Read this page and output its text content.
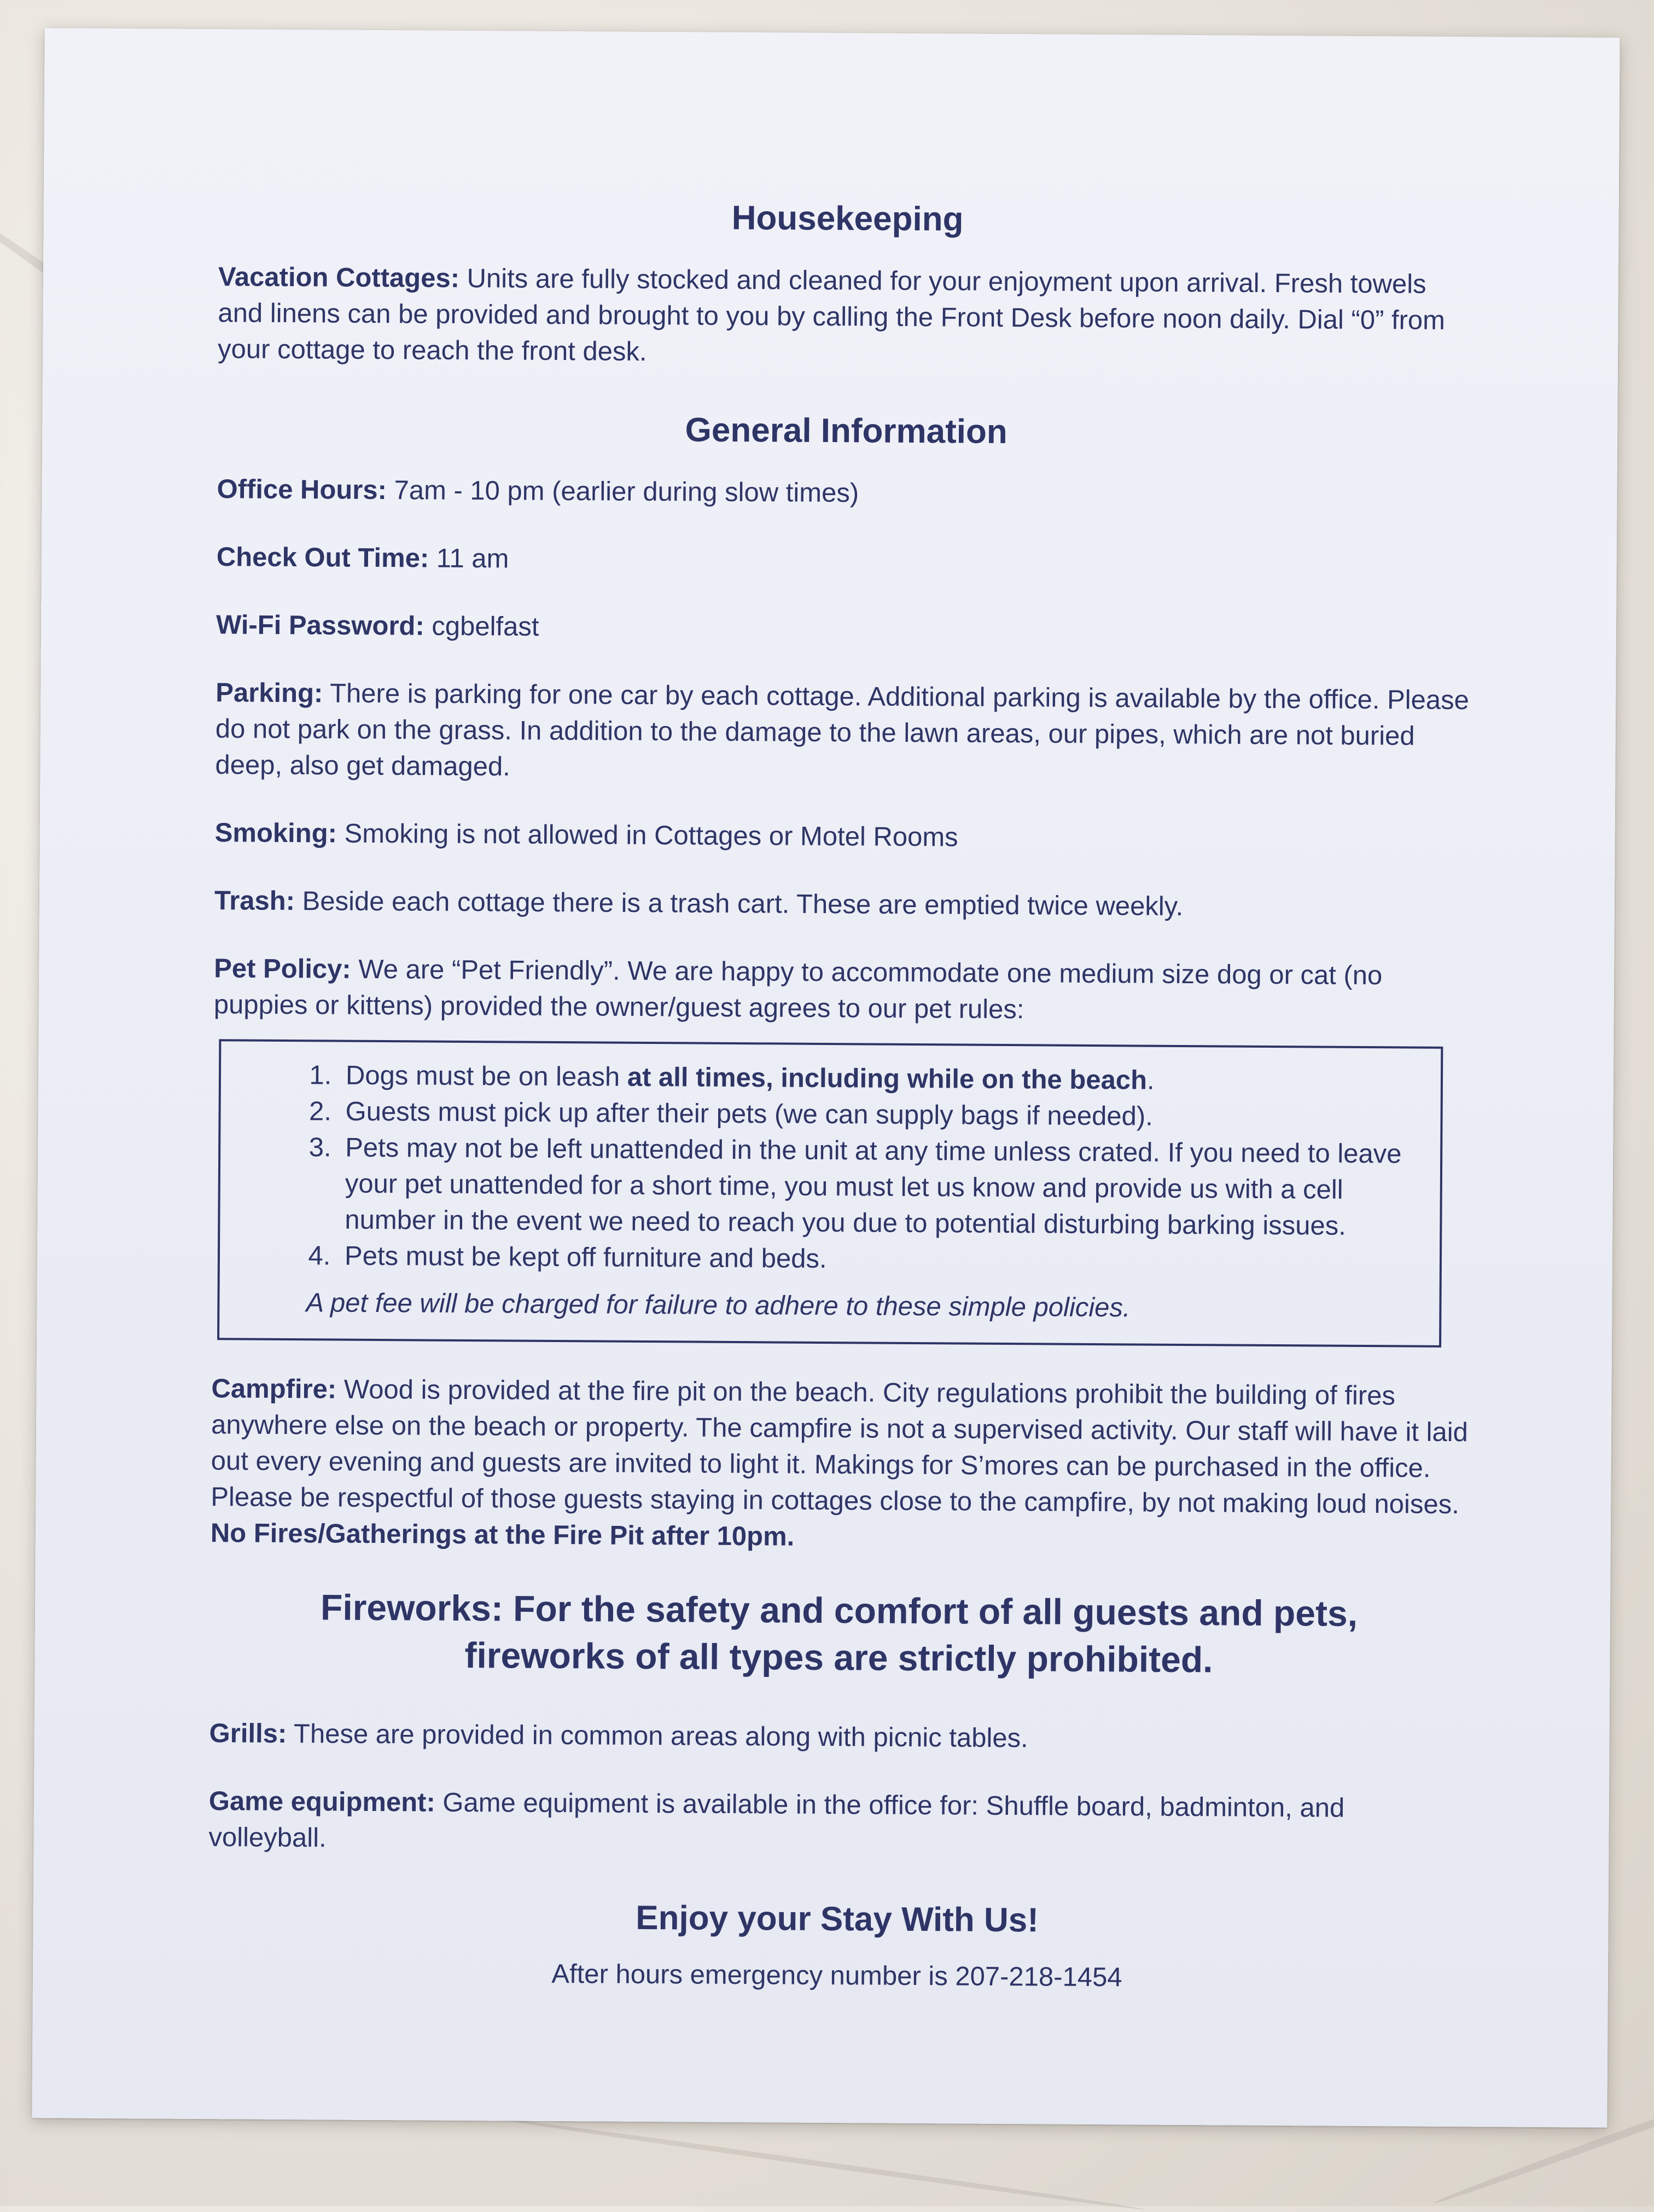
Housekeeping

Vacation Cottages: Units are fully stocked and cleaned for your enjoyment upon arrival. Fresh towels and linens can be provided and brought to you by calling the Front Desk before noon daily. Dial “0” from your cottage to reach the front desk.

General Information

Office Hours: 7am - 10 pm (earlier during slow times)

Check Out Time: 11 am

Wi-Fi Password: cgbelfast

Parking: There is parking for one car by each cottage. Additional parking is available by the office. Please do not park on the grass. In addition to the damage to the lawn areas, our pipes, which are not buried deep, also get damaged.

Smoking: Smoking is not allowed in Cottages or Motel Rooms

Trash: Beside each cottage there is a trash cart. These are emptied twice weekly.

Pet Policy: We are “Pet Friendly”. We are happy to accommodate one medium size dog or cat (no puppies or kittens) provided the owner/guest agrees to our pet rules:

1. Dogs must be on leash at all times, including while on the beach.
2. Guests must pick up after their pets (we can supply bags if needed).
3. Pets may not be left unattended in the unit at any time unless crated. If you need to leave your pet unattended for a short time, you must let us know and provide us with a cell number in the event we need to reach you due to potential disturbing barking issues.
4. Pets must be kept off furniture and beds.

A pet fee will be charged for failure to adhere to these simple policies.

Campfire: Wood is provided at the fire pit on the beach. City regulations prohibit the building of fires anywhere else on the beach or property. The campfire is not a supervised activity. Our staff will have it laid out every evening and guests are invited to light it. Makings for S’mores can be purchased in the office. Please be respectful of those guests staying in cottages close to the campfire, by not making loud noises. No Fires/Gatherings at the Fire Pit after 10pm.

Fireworks: For the safety and comfort of all guests and pets,
fireworks of all types are strictly prohibited.

Grills: These are provided in common areas along with picnic tables.

Game equipment: Game equipment is available in the office for: Shuffle board, badminton, and volleyball.

Enjoy your Stay With Us!

After hours emergency number is 207-218-1454
